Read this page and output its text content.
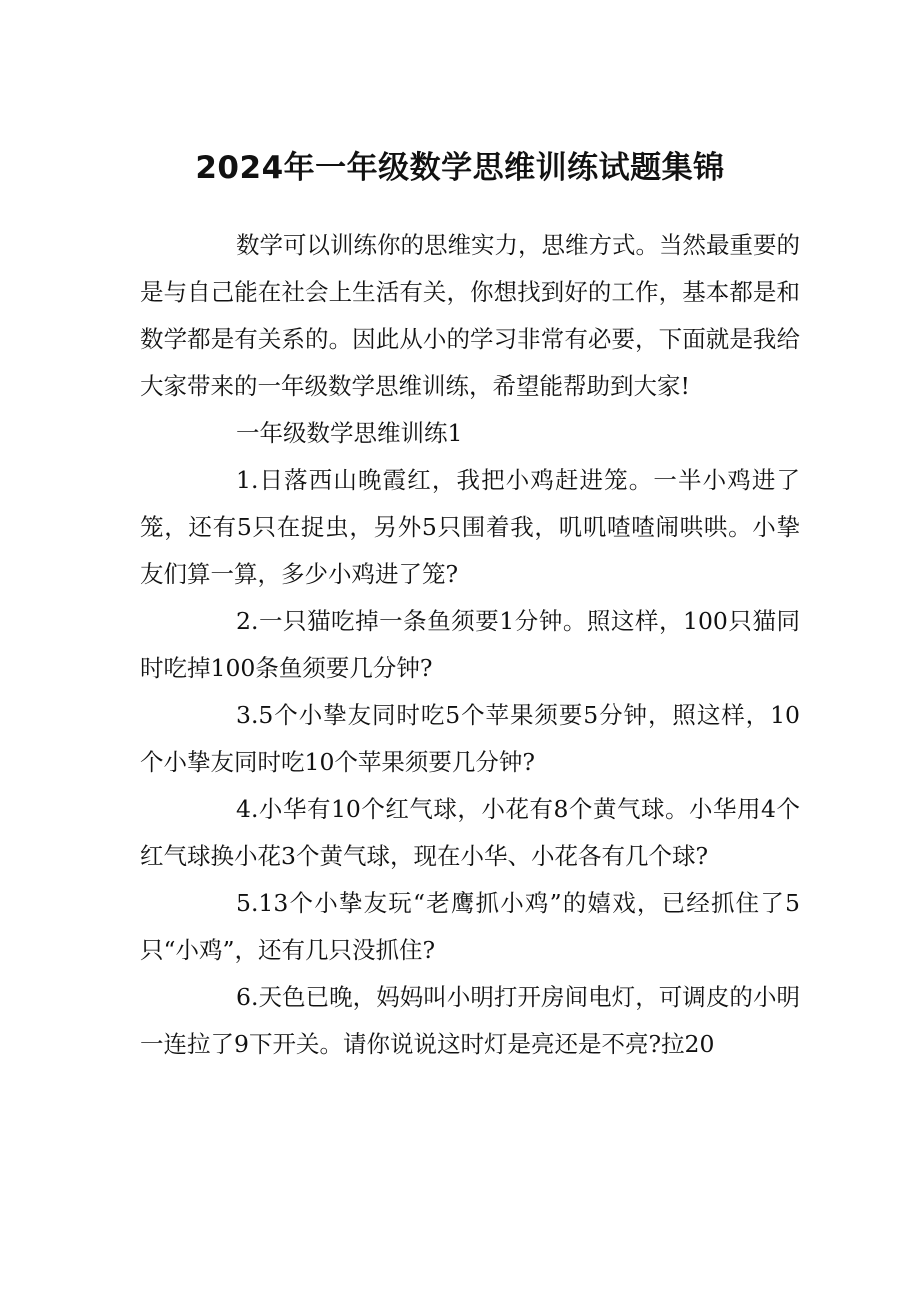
2024年一年级数学思维训练试题集锦

数学可以训练你的思维实力，思维方式。当然最重要的是与自己能在社会上生活有关，你想找到好的工作，基本都是和数学都是有关系的。因此从小的学习非常有必要，下面就是我给大家带来的一年级数学思维训练，希望能帮助到大家!

一年级数学思维训练1

1.日落西山晚霞红，我把小鸡赶进笼。一半小鸡进了笼，还有5只在捉虫，另外5只围着我，叽叽喳喳闹哄哄。小挚友们算一算，多少小鸡进了笼?

2.一只猫吃掉一条鱼须要1分钟。照这样，100只猫同时吃掉100条鱼须要几分钟?

3.5个小挚友同时吃5个苹果须要5分钟，照这样，10个小挚友同时吃10个苹果须要几分钟?

4.小华有10个红气球，小花有8个黄气球。小华用4个红气球换小花3个黄气球，现在小华、小花各有几个球?

5.13个小挚友玩“老鹰抓小鸡”的嬉戏，已经抓住了5只“小鸡”，还有几只没抓住?

6.天色已晚，妈妈叫小明打开房间电灯，可调皮的小明一连拉了9下开关。请你说说这时灯是亮还是不亮?拉20
